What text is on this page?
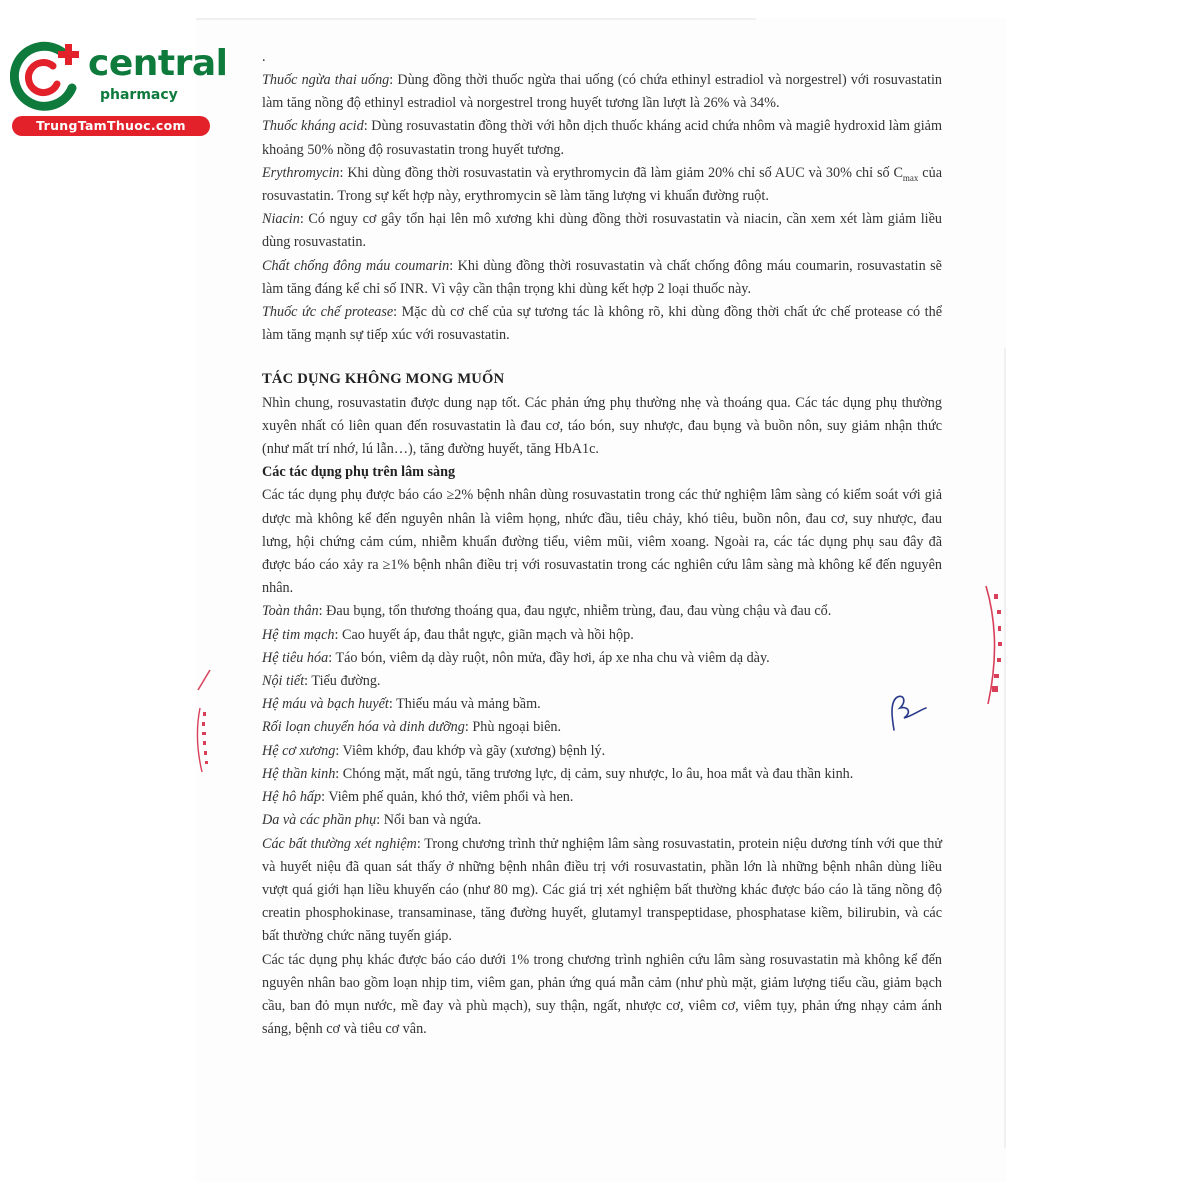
central
pharmacy
TrungTamThuoc.com
.

Thuốc ngừa thai uống: Dùng đồng thời thuốc ngừa thai uống (có chứa ethinyl estradiol và norgestrel) với rosuvastatin làm tăng nồng độ ethinyl estradiol và norgestrel trong huyết tương lần lượt là 26% và 34%.

Thuốc kháng acid: Dùng rosuvastatin đồng thời với hỗn dịch thuốc kháng acid chứa nhôm và magiê hydroxid làm giảm khoảng 50% nồng độ rosuvastatin trong huyết tương.

Erythromycin: Khi dùng đồng thời rosuvastatin và erythromycin đã làm giảm 20% chỉ số AUC và 30% chỉ số $C_{max}$ của rosuvastatin. Trong sự kết hợp này, erythromycin sẽ làm tăng lượng vi khuẩn đường ruột.

Niacin: Có nguy cơ gây tổn hại lên mô xương khi dùng đồng thời rosuvastatin và niacin, cần xem xét làm giảm liều dùng rosuvastatin.

Chất chống đông máu coumarin: Khi dùng đồng thời rosuvastatin và chất chống đông máu coumarin, rosuvastatin sẽ làm tăng đáng kể chỉ số INR. Vì vậy cần thận trọng khi dùng kết hợp 2 loại thuốc này.

Thuốc ức chế protease: Mặc dù cơ chế của sự tương tác là không rõ, khi dùng đồng thời chất ức chế protease có thể làm tăng mạnh sự tiếp xúc với rosuvastatin.

TÁC DỤNG KHÔNG MONG MUỐN

Nhìn chung, rosuvastatin được dung nạp tốt. Các phản ứng phụ thường nhẹ và thoáng qua. Các tác dụng phụ thường xuyên nhất có liên quan đến rosuvastatin là đau cơ, táo bón, suy nhược, đau bụng và buồn nôn, suy giảm nhận thức (như mất trí nhớ, lú lẫn…), tăng đường huyết, tăng HbA1c.

Các tác dụng phụ trên lâm sàng

Các tác dụng phụ được báo cáo ≥2% bệnh nhân dùng rosuvastatin trong các thử nghiệm lâm sàng có kiểm soát với giả dược mà không kể đến nguyên nhân là viêm họng, nhức đầu, tiêu chảy, khó tiêu, buồn nôn, đau cơ, suy nhược, đau lưng, hội chứng cảm cúm, nhiễm khuẩn đường tiểu, viêm mũi, viêm xoang. Ngoài ra, các tác dụng phụ sau đây đã được báo cáo xảy ra ≥1% bệnh nhân điều trị với rosuvastatin trong các nghiên cứu lâm sàng mà không kể đến nguyên nhân.

Toàn thân: Đau bụng, tổn thương thoáng qua, đau ngực, nhiễm trùng, đau, đau vùng chậu và đau cổ.

Hệ tim mạch: Cao huyết áp, đau thắt ngực, giãn mạch và hồi hộp.

Hệ tiêu hóa: Táo bón, viêm dạ dày ruột, nôn mửa, đầy hơi, áp xe nha chu và viêm dạ dày.

Nội tiết: Tiểu đường.

Hệ máu và bạch huyết: Thiếu máu và mảng bầm.

Rối loạn chuyển hóa và dinh dưỡng: Phù ngoại biên.

Hệ cơ xương: Viêm khớp, đau khớp và gãy (xương) bệnh lý.

Hệ thần kinh: Chóng mặt, mất ngủ, tăng trương lực, dị cảm, suy nhược, lo âu, hoa mắt và đau thần kinh.

Hệ hô hấp: Viêm phế quản, khó thở, viêm phổi và hen.

Da và các phần phụ: Nổi ban và ngứa.

Các bất thường xét nghiệm: Trong chương trình thử nghiệm lâm sàng rosuvastatin, protein niệu dương tính với que thử và huyết niệu đã quan sát thấy ở những bệnh nhân điều trị với rosuvastatin, phần lớn là những bệnh nhân dùng liều vượt quá giới hạn liều khuyến cáo (như 80 mg). Các giá trị xét nghiệm bất thường khác được báo cáo là tăng nồng độ creatin phosphokinase, transaminase, tăng đường huyết, glutamyl transpeptidase, phosphatase kiềm, bilirubin, và các bất thường chức năng tuyến giáp.

Các tác dụng phụ khác được báo cáo dưới 1% trong chương trình nghiên cứu lâm sàng rosuvastatin mà không kể đến nguyên nhân bao gồm loạn nhịp tim, viêm gan, phản ứng quá mẫn cảm (như phù mặt, giảm lượng tiểu cầu, giảm bạch cầu, ban đỏ mụn nước, mề đay và phù mạch), suy thận, ngất, nhược cơ, viêm cơ, viêm tụy, phản ứng nhạy cảm ánh sáng, bệnh cơ và tiêu cơ vân.
